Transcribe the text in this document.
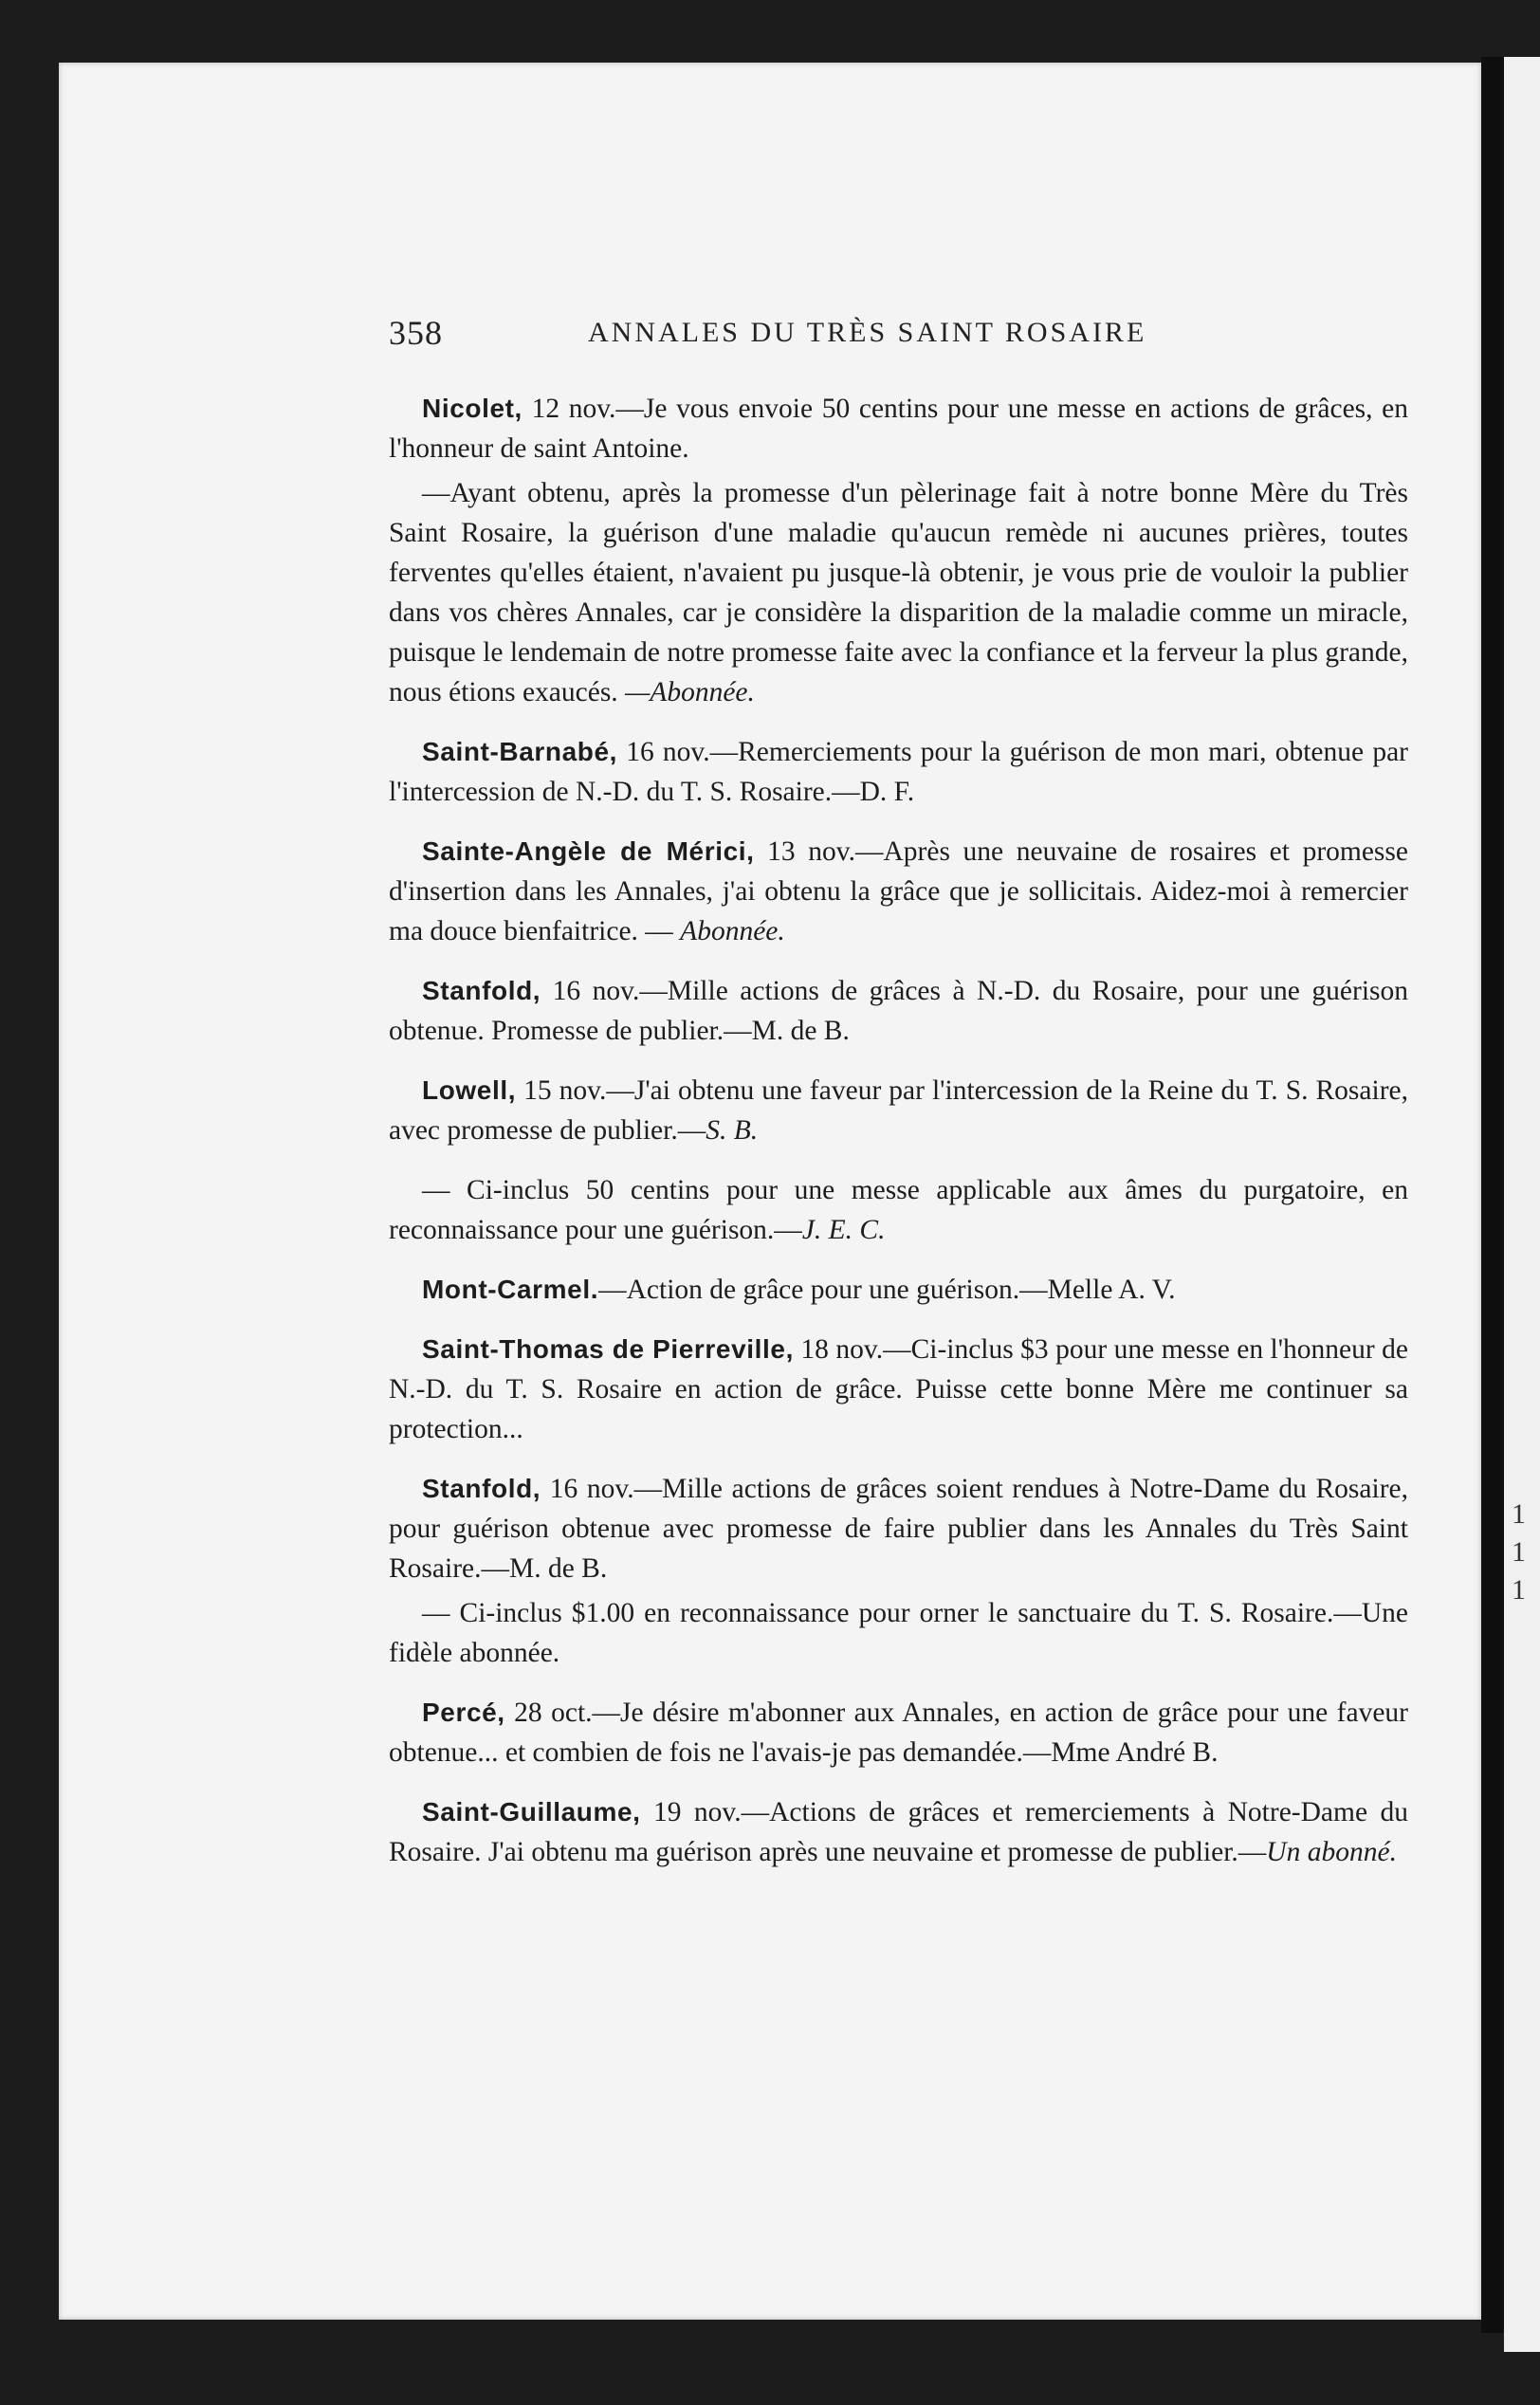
1
1
1
358	ANNALES DU TRÈS SAINT ROSAIRE

Nicolet, 12 nov.—Je vous envoie 50 centins pour une messe en actions de grâces, en l'honneur de saint Antoine.

—Ayant obtenu, après la promesse d'un pèlerinage fait à notre bonne Mère du Très Saint Rosaire, la guérison d'une maladie qu'aucun remède ni aucunes prières, toutes ferventes qu'elles étaient, n'avaient pu jusque-là obtenir, je vous prie de vouloir la publier dans vos chères Annales, car je considère la disparition de la maladie comme un miracle, puisque le lendemain de notre promesse faite avec la confiance et la ferveur la plus grande, nous étions exaucés. —Abonnée.

Saint-Barnabé, 16 nov.—Remerciements pour la guérison de mon mari, obtenue par l'intercession de N.-D. du T. S. Rosaire.—D. F.

Sainte-Angèle de Mérici, 13 nov.—Après une neuvaine de rosaires et promesse d'insertion dans les Annales, j'ai obtenu la grâce que je sollicitais. Aidez-moi à remercier ma douce bienfaitrice. — Abonnée.

Stanfold, 16 nov.—Mille actions de grâces à N.-D. du Rosaire, pour une guérison obtenue. Promesse de publier.—M. de B.

Lowell, 15 nov.—J'ai obtenu une faveur par l'intercession de la Reine du T. S. Rosaire, avec promesse de publier.—S. B.

— Ci-inclus 50 centins pour une messe applicable aux âmes du purgatoire, en reconnaissance pour une guérison.—J. E. C.

Mont-Carmel.—Action de grâce pour une guérison.—Melle A. V.

Saint-Thomas de Pierreville, 18 nov.—Ci-inclus $3 pour une messe en l'honneur de N.-D. du T. S. Rosaire en action de grâce. Puisse cette bonne Mère me continuer sa protection...

Stanfold, 16 nov.—Mille actions de grâces soient rendues à Notre-Dame du Rosaire, pour guérison obtenue avec promesse de faire publier dans les Annales du Très Saint Rosaire.—M. de B.

— Ci-inclus $1.00 en reconnaissance pour orner le sanctuaire du T. S. Rosaire.—Une fidèle abonnée.

Percé, 28 oct.—Je désire m'abonner aux Annales, en action de grâce pour une faveur obtenue... et combien de fois ne l'avais-je pas demandée.—Mme André B.

Saint-Guillaume, 19 nov.—Actions de grâces et remerciements à Notre-Dame du Rosaire. J'ai obtenu ma guérison après une neuvaine et promesse de publier.—Un abonné.
